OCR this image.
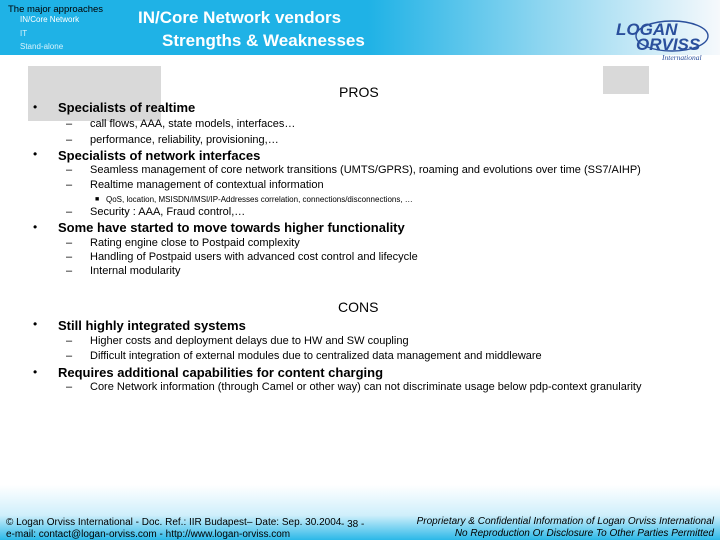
The major approaches
IN/Core Network
IT
Stand-alone
IN/Core Network vendors
Strengths & Weaknesses
LOGAN
ORVISS
International
PROS
• Specialists of realtime
– call flows, AAA, state models, interfaces…
– performance, reliability, provisioning,…
• Specialists of network interfaces
– Seamless management of core network transitions (UMTS/GPRS), roaming and evolutions over time (SS7/AIHP)
– Realtime management of contextual information
■ QoS, location, MSISDN/IMSI/IP-Addresses correlation, connections/disconnections, …
– Security : AAA, Fraud control,…
• Some have started to move towards higher functionality
– Rating engine close to Postpaid complexity
– Handling of Postpaid users with advanced cost control and lifecycle
– Internal modularity
CONS
• Still highly integrated systems
– Higher costs and deployment delays due to HW and SW coupling
– Difficult integration of external modules due to centralized data management and middleware
• Requires additional capabilities for content charging
– Core Network information (through Camel or other way) can not discriminate usage below pdp-context granularity
© Logan Orviss International - Doc. Ref.: IIR Budapest– Date: Sep. 30.2004
e-mail: contact@logan-orviss.com - http://www.logan-orviss.com
- 38 -	Proprietary & Confidential Information of Logan Orviss International
No Reproduction Or Disclosure To Other Parties Permitted
